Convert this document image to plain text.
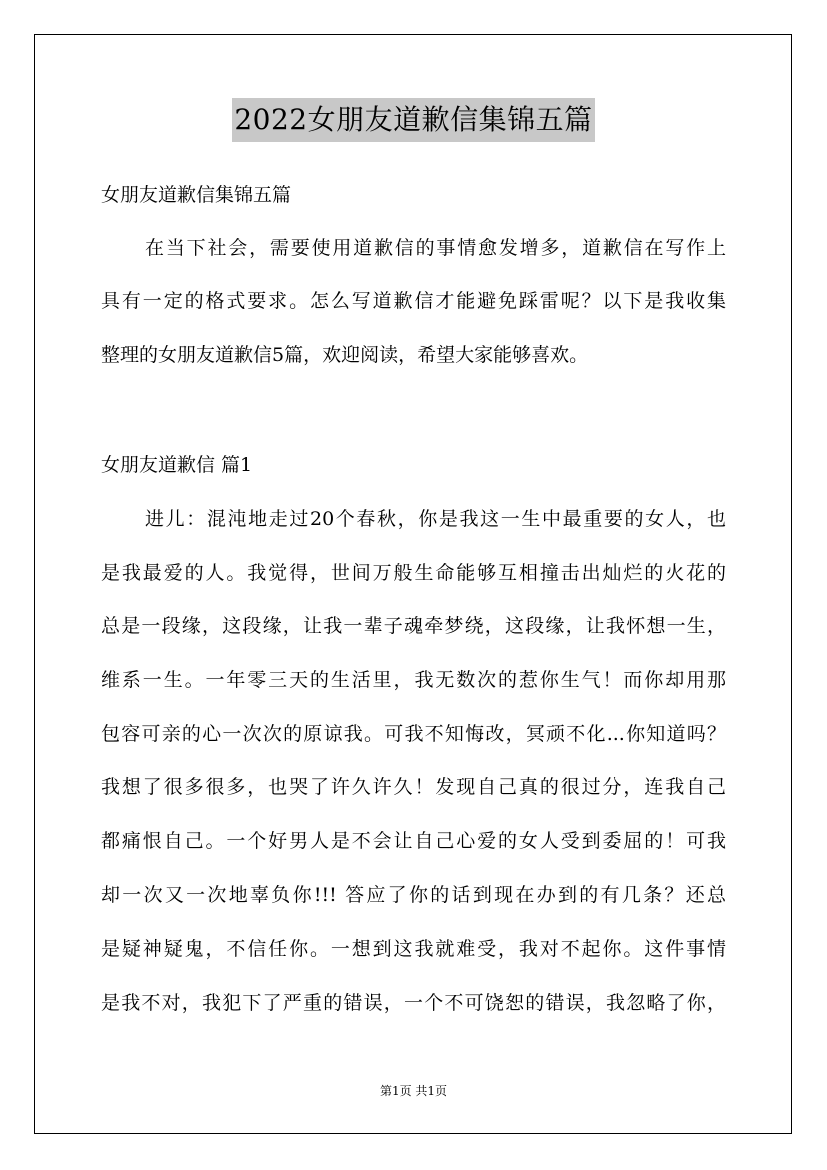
2022女朋友道歉信集锦五篇
女朋友道歉信集锦五篇
在当下社会，需要使用道歉信的事情愈发增多，道歉信在写作上
具有一定的格式要求。怎么写道歉信才能避免踩雷呢？以下是我收集
整理的女朋友道歉信5篇，欢迎阅读，希望大家能够喜欢。
女朋友道歉信 篇1
进儿：混沌地走过20个春秋，你是我这一生中最重要的女人，也
是我最爱的人。我觉得，世间万般生命能够互相撞击出灿烂的火花的
总是一段缘，这段缘，让我一辈子魂牵梦绕，这段缘，让我怀想一生，
维系一生。一年零三天的生活里，我无数次的惹你生气！而你却用那
包容可亲的心一次次的原谅我。可我不知悔改，冥顽不化...你知道吗？
我想了很多很多，也哭了许久许久！发现自己真的很过分，连我自己
都痛恨自己。一个好男人是不会让自己心爱的女人受到委屈的！可我
却一次又一次地辜负你!!! 答应了你的话到现在办到的有几条？还总
是疑神疑鬼，不信任你。一想到这我就难受，我对不起你。这件事情
是我不对，我犯下了严重的错误，一个不可饶恕的错误，我忽略了你，
第1页 共1页
